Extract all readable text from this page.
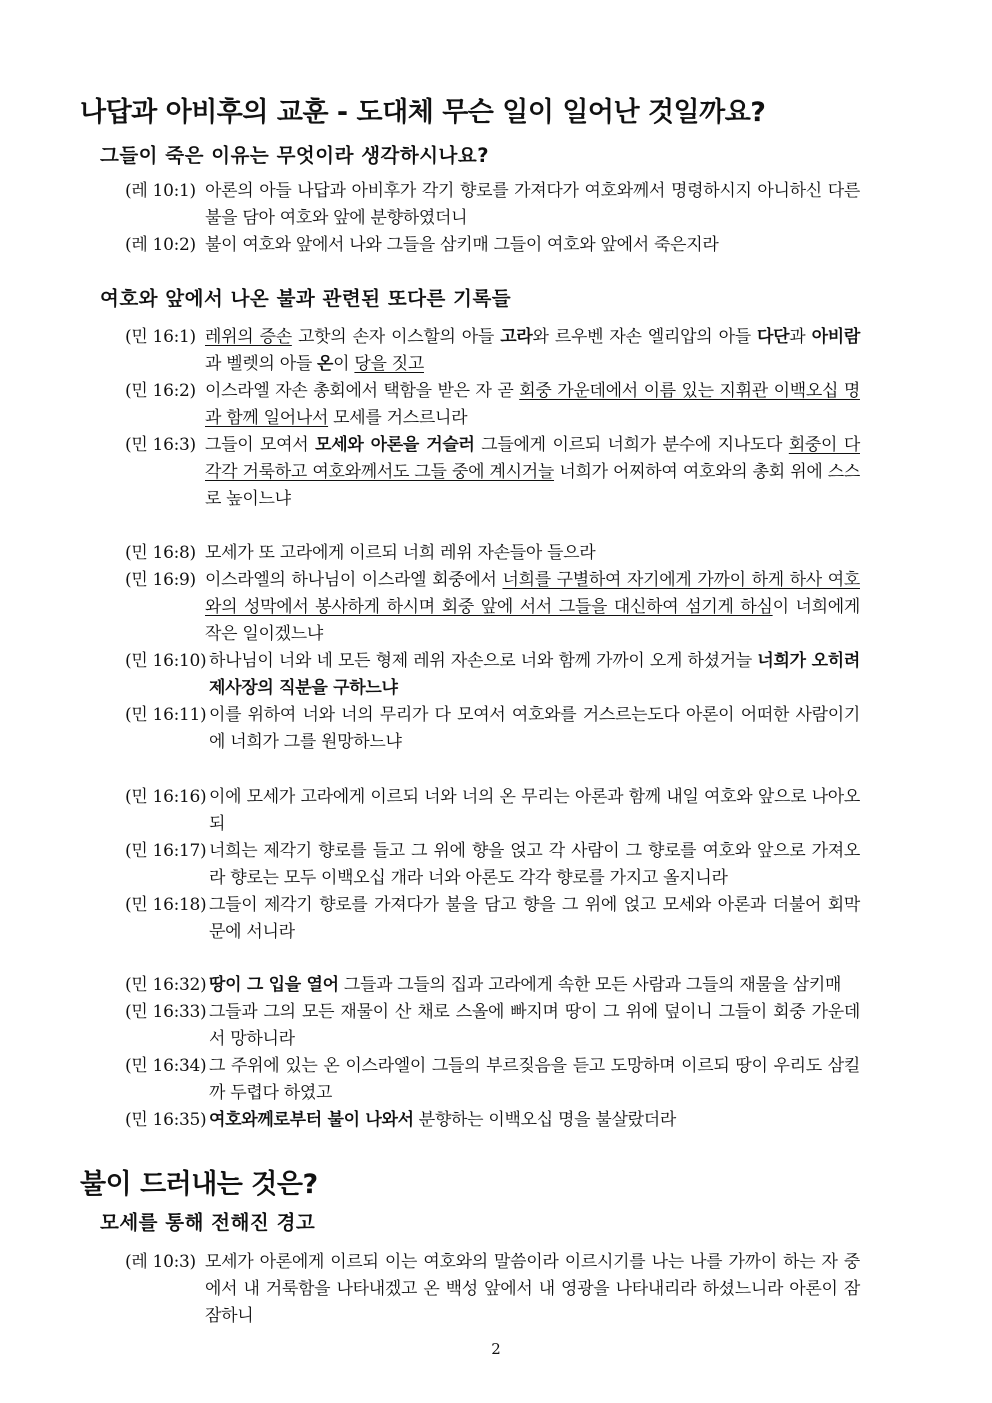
나답과 아비후의 교훈 - 도대체 무슨 일이 일어난 것일까요?
그들이 죽은 이유는 무엇이라 생각하시나요?
(레 10:1) 아론의 아들 나답과 아비후가 각기 향로를 가져다가 여호와께서 명령하시지 아니하신 다른 불을 담아 여호와 앞에 분향하였더니
(레 10:2) 불이 여호와 앞에서 나와 그들을 삼키매 그들이 여호와 앞에서 죽은지라
여호와 앞에서 나온 불과 관련된 또다른 기록들
(민 16:1) 레위의 증손 고핫의 손자 이스할의 아들 고라와 르우벤 자손 엘리압의 아들 다단과 아비람과 벨렛의 아들 온이 당을 짓고
(민 16:2) 이스라엘 자손 총회에서 택함을 받은 자 곧 회중 가운데에서 이름 있는 지휘관 이백오십 명과 함께 일어나서 모세를 거스르니라
(민 16:3) 그들이 모여서 모세와 아론을 거슬러 그들에게 이르되 너희가 분수에 지나도다 회중이 다 각각 거룩하고 여호와께서도 그들 중에 계시거늘 너희가 어찌하여 여호와의 총회 위에 스스로 높이느냐
(민 16:8) 모세가 또 고라에게 이르되 너희 레위 자손들아 들으라
(민 16:9) 이스라엘의 하나님이 이스라엘 회중에서 너희를 구별하여 자기에게 가까이 하게 하사 여호와의 성막에서 봉사하게 하시며 회중 앞에 서서 그들을 대신하여 섬기게 하심이 너희에게 작은 일이겠느냐
(민 16:10) 하나님이 너와 네 모든 형제 레위 자손으로 너와 함께 가까이 오게 하셨거늘 너희가 오히려 제사장의 직분을 구하느냐
(민 16:11) 이를 위하여 너와 너의 무리가 다 모여서 여호와를 거스르는도다 아론이 어떠한 사람이기에 너희가 그를 원망하느냐
(민 16:16) 이에 모세가 고라에게 이르되 너와 너의 온 무리는 아론과 함께 내일 여호와 앞으로 나아오되
(민 16:17) 너희는 제각기 향로를 들고 그 위에 향을 얹고 각 사람이 그 향로를 여호와 앞으로 가져오라 향로는 모두 이백오십 개라 너와 아론도 각각 향로를 가지고 올지니라
(민 16:18) 그들이 제각기 향로를 가져다가 불을 담고 향을 그 위에 얹고 모세와 아론과 더불어 회막 문에 서니라
(민 16:32) 땅이 그 입을 열어 그들과 그들의 집과 고라에게 속한 모든 사람과 그들의 재물을 삼키매
(민 16:33) 그들과 그의 모든 재물이 산 채로 스올에 빠지며 땅이 그 위에 덮이니 그들이 회중 가운데서 망하니라
(민 16:34) 그 주위에 있는 온 이스라엘이 그들의 부르짖음을 듣고 도망하며 이르되 땅이 우리도 삼킬까 두렵다 하였고
(민 16:35) 여호와께로부터 불이 나와서 분향하는 이백오십 명을 불살랐더라
불이 드러내는 것은?
모세를 통해 전해진 경고
(레 10:3) 모세가 아론에게 이르되 이는 여호와의 말씀이라 이르시기를 나는 나를 가까이 하는 자 중에서 내 거룩함을 나타내겠고 온 백성 앞에서 내 영광을 나타내리라 하셨느니라 아론이 잠잠하니
2
